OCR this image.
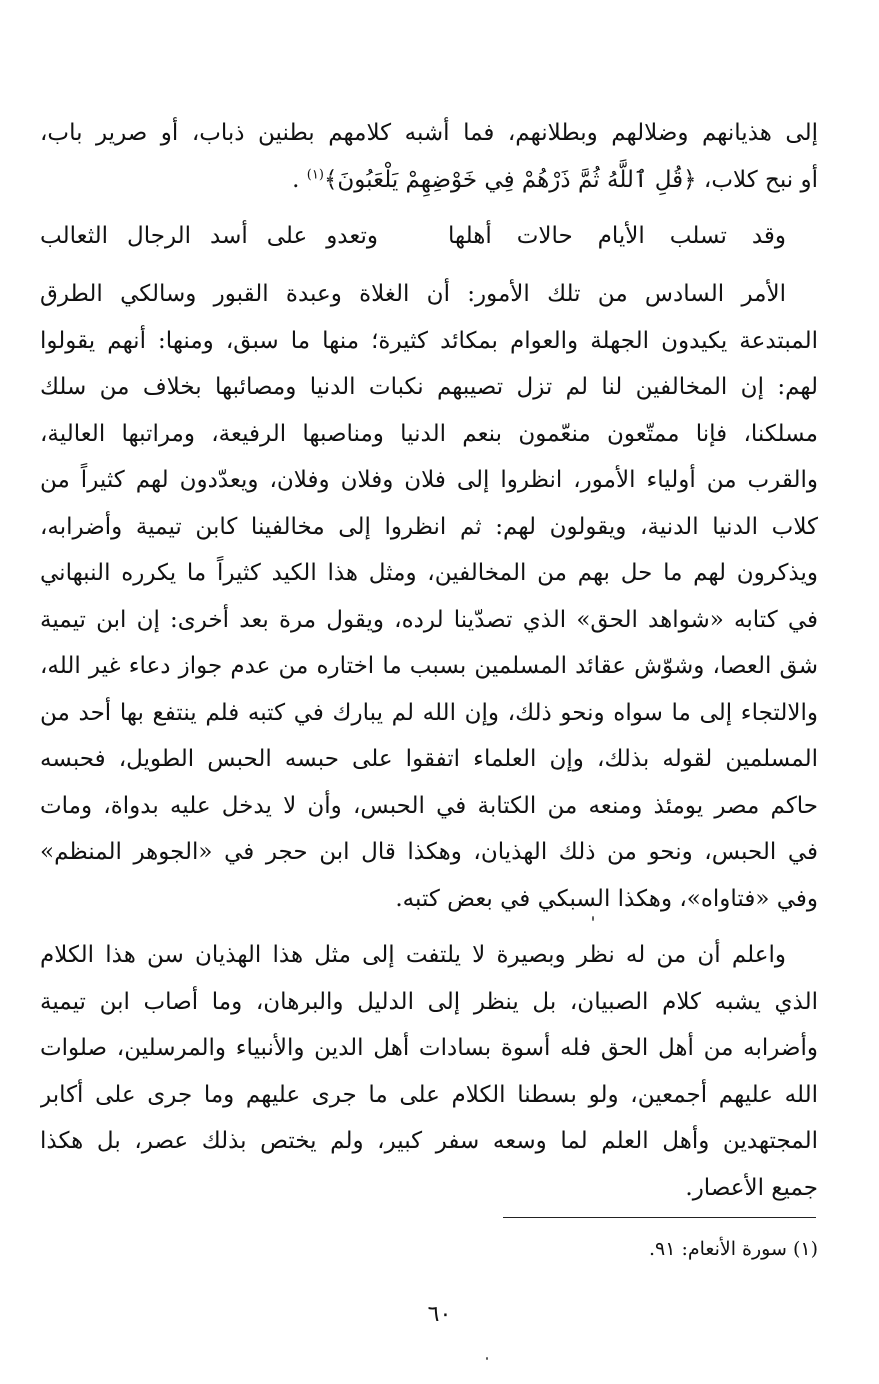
إلى هذيانهم وضلالهم وبطلانهم، فما أشبه كلامهم بطنين ذباب، أو صرير باب،
أو نبح كلاب، ﴿قُلِ ٱللَّهُ ثُمَّ ذَرْهُمْ فِي خَوْضِهِمْ يَلْعَبُونَ﴾$^{(١)}$ .
وقد تسلب الأيام حالات أهلها
وتعدو على أسد الرجال الثعالب
الأمر السادس من تلك الأمور: أن الغلاة وعبدة القبور وسالكي الطرق
المبتدعة يكيدون الجهلة والعوام بمكائد كثيرة؛ منها ما سبق، ومنها: أنهم يقولوا
لهم: إن المخالفين لنا لم تزل تصيبهم نكبات الدنيا ومصائبها بخلاف من سلك
مسلكنا، فإنا ممتّعون منعّمون بنعم الدنيا ومناصبها الرفيعة، ومراتبها العالية،
والقرب من أولياء الأمور، انظروا إلى فلان وفلان وفلان، ويعدّدون لهم كثيراً من
كلاب الدنيا الدنية، ويقولون لهم: ثم انظروا إلى مخالفينا كابن تيمية وأضرابه،
ويذكرون لهم ما حل بهم من المخالفين، ومثل هذا الكيد كثيراً ما يكرره النبهاني
في كتابه «شواهد الحق» الذي تصدّينا لرده، ويقول مرة بعد أخرى: إن ابن تيمية
شق العصا، وشوّش عقائد المسلمين بسبب ما اختاره من عدم جواز دعاء غير الله،
والالتجاء إلى ما سواه ونحو ذلك، وإن الله لم يبارك في كتبه فلم ينتفع بها أحد من
المسلمين لقوله بذلك، وإن العلماء اتفقوا على حبسه الحبس الطويل، فحبسه
حاكم مصر يومئذ ومنعه من الكتابة في الحبس، وأن لا يدخل عليه بدواة، ومات
في الحبس، ونحو من ذلك الهذيان، وهكذا قال ابن حجر في «الجوهر المنظم»
وفي «فتاواه»، وهكذا السبكي في بعض كتبه.
واعلم أن من له نظر وبصيرة لا يلتفت إلى مثل هذا الهذيان سن هذا الكلام
الذي يشبه كلام الصبيان، بل ينظر إلى الدليل والبرهان، وما أصاب ابن تيمية
وأضرابه من أهل الحق فله أسوة بسادات أهل الدين والأنبياء والمرسلين، صلوات
الله عليهم أجمعين، ولو بسطنا الكلام على ما جرى عليهم وما جرى على أكابر
المجتهدين وأهل العلم لما وسعه سفر كبير، ولم يختص بذلك عصر، بل هكذا
جميع الأعصار.
(١) سورة الأنعام: ٩١.
٦٠
